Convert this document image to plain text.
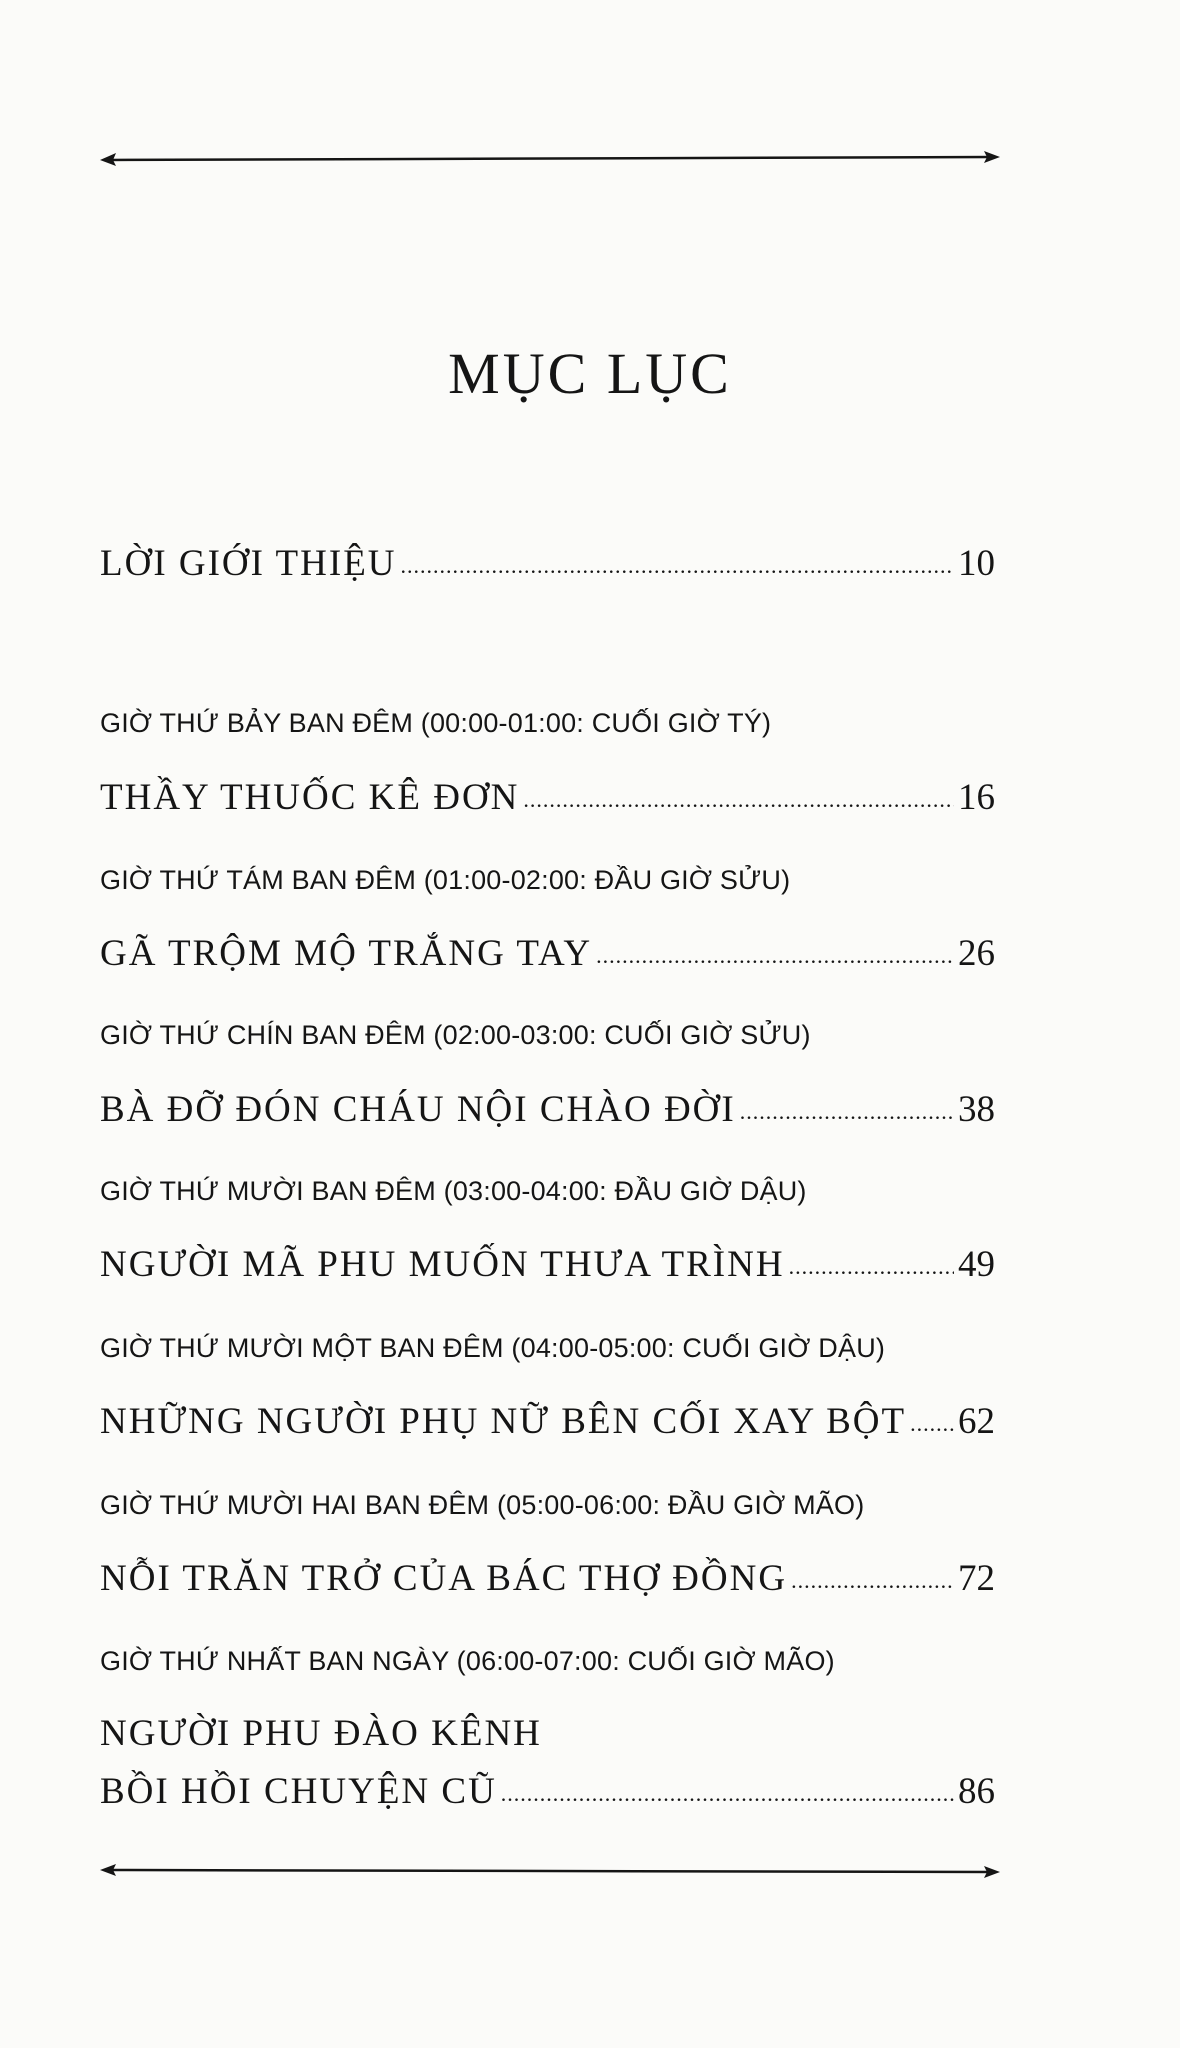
MỤC LỤC
LỜI GIỚI THIỆU .....	10
GIỜ THỨ BẢY BAN ĐÊM (00:00-01:00: CUỐI GIỜ TÝ)
THẦY THUỐC KÊ ĐƠN .....	16
GIỜ THỨ TÁM BAN ĐÊM (01:00-02:00: ĐẦU GIỜ SỬU)
GÃ TRỘM MỘ TRẮNG TAY .....	26
GIỜ THỨ CHÍN BAN ĐÊM (02:00-03:00: CUỐI GIỜ SỬU)
BÀ ĐỠ ĐÓN CHÁU NỘI CHÀO ĐỜI .....	38
GIỜ THỨ MƯỜI BAN ĐÊM (03:00-04:00: ĐẦU GIỜ DẬU)
NGƯỜI MÃ PHU MUỐN THƯA TRÌNH .....	49
GIỜ THỨ MƯỜI MỘT BAN ĐÊM (04:00-05:00: CUỐI GIỜ DẬU)
NHỮNG NGƯỜI PHỤ NỮ BÊN CỐI XAY BỘT ..... 62
GIỜ THỨ MƯỜI HAI BAN ĐÊM (05:00-06:00: ĐẦU GIỜ MÃO)
NỖI TRĂN TRỞ CỦA BÁC THỢ ĐỒNG .....	72
GIỜ THỨ NHẤT BAN NGÀY (06:00-07:00: CUỐI GIỜ MÃO)
NGƯỜI PHU ĐÀO KÊNH
BỒI HỒI CHUYỆN CŨ .....	86
